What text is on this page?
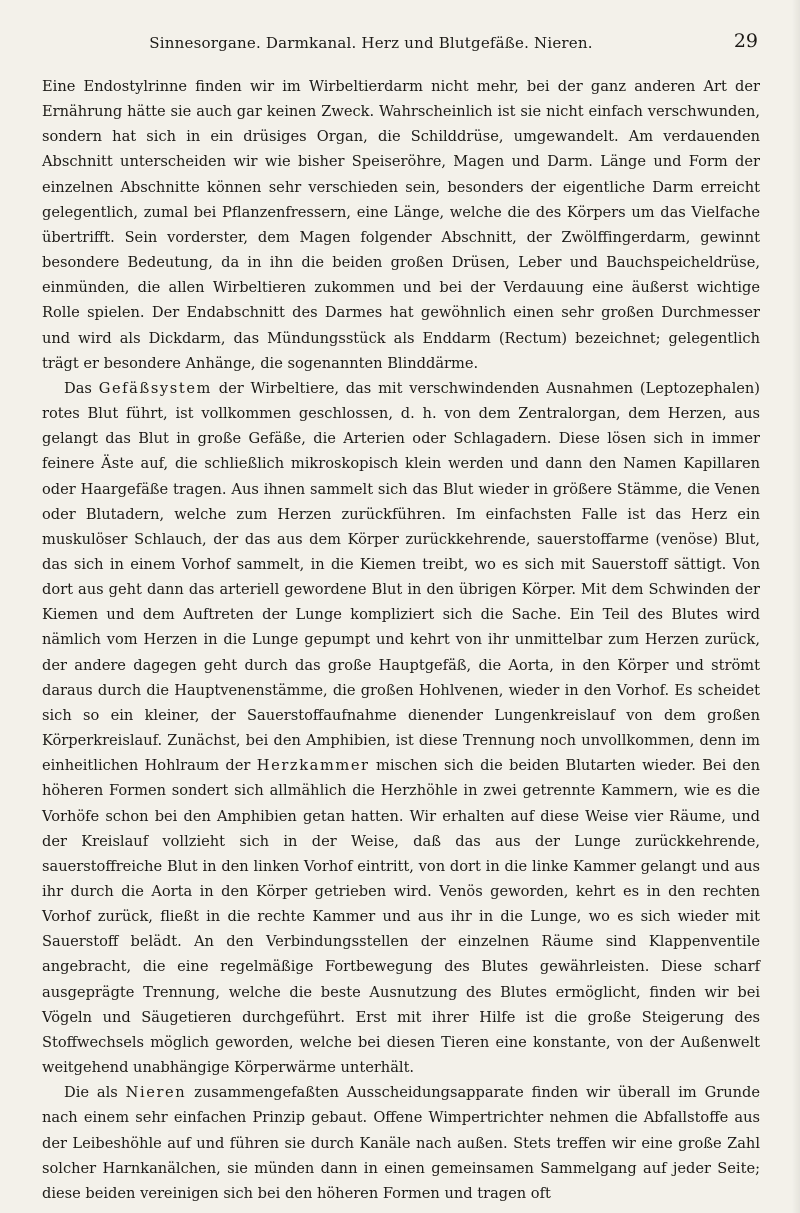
Sinnesorgane. Darmkanal. Herz und Blutgefäße. Nieren.	29

Eine Endostylrinne finden wir im Wirbeltierdarm nicht mehr, bei der ganz anderen Art der Ernährung hätte sie auch gar keinen Zweck. Wahrscheinlich ist sie nicht einfach verschwunden, sondern hat sich in ein drüsiges Organ, die Schilddrüse, umgewandelt. Am verdauenden Abschnitt unterscheiden wir wie bisher Speiseröhre, Magen und Darm. Länge und Form der einzelnen Abschnitte können sehr verschieden sein, besonders der eigentliche Darm erreicht gelegentlich, zumal bei Pflanzenfressern, eine Länge, welche die des Körpers um das Vielfache übertrifft. Sein vorderster, dem Magen folgender Abschnitt, der Zwölffingerdarm, gewinnt besondere Bedeutung, da in ihn die beiden großen Drüsen, Leber und Bauchspeicheldrüse, einmünden, die allen Wirbeltieren zukommen und bei der Verdauung eine äußerst wichtige Rolle spielen. Der Endabschnitt des Darmes hat gewöhnlich einen sehr großen Durchmesser und wird als Dickdarm, das Mündungsstück als Enddarm (Rectum) bezeichnet; gelegentlich trägt er besondere Anhänge, die sogenannten Blinddärme.

Das Gefäßsystem der Wirbeltiere, das mit verschwindenden Ausnahmen (Leptozephalen) rotes Blut führt, ist vollkommen geschlossen, d. h. von dem Zentralorgan, dem Herzen, aus gelangt das Blut in große Gefäße, die Arterien oder Schlagadern. Diese lösen sich in immer feinere Äste auf, die schließlich mikroskopisch klein werden und dann den Namen Kapillaren oder Haargefäße tragen. Aus ihnen sammelt sich das Blut wieder in größere Stämme, die Venen oder Blutadern, welche zum Herzen zurückführen. Im einfachsten Falle ist das Herz ein muskulöser Schlauch, der das aus dem Körper zurückkehrende, sauerstoffarme (venöse) Blut, das sich in einem Vorhof sammelt, in die Kiemen treibt, wo es sich mit Sauerstoff sättigt. Von dort aus geht dann das arteriell gewordene Blut in den übrigen Körper. Mit dem Schwinden der Kiemen und dem Auftreten der Lunge kompliziert sich die Sache. Ein Teil des Blutes wird nämlich vom Herzen in die Lunge gepumpt und kehrt von ihr unmittelbar zum Herzen zurück, der andere dagegen geht durch das große Hauptgefäß, die Aorta, in den Körper und strömt daraus durch die Hauptvenenstämme, die großen Hohlvenen, wieder in den Vorhof. Es scheidet sich so ein kleiner, der Sauerstoffaufnahme dienender Lungenkreislauf von dem großen Körperkreislauf. Zunächst, bei den Amphibien, ist diese Trennung noch unvollkommen, denn im einheitlichen Hohlraum der Herzkammer mischen sich die beiden Blutarten wieder. Bei den höheren Formen sondert sich allmählich die Herzhöhle in zwei getrennte Kammern, wie es die Vorhöfe schon bei den Amphibien getan hatten. Wir erhalten auf diese Weise vier Räume, und der Kreislauf vollzieht sich in der Weise, daß das aus der Lunge zurückkehrende, sauerstoffreiche Blut in den linken Vorhof eintritt, von dort in die linke Kammer gelangt und aus ihr durch die Aorta in den Körper getrieben wird. Venös geworden, kehrt es in den rechten Vorhof zurück, fließt in die rechte Kammer und aus ihr in die Lunge, wo es sich wieder mit Sauerstoff belädt. An den Verbindungsstellen der einzelnen Räume sind Klappenventile angebracht, die eine regelmäßige Fortbewegung des Blutes gewährleisten. Diese scharf ausgeprägte Trennung, welche die beste Ausnutzung des Blutes ermöglicht, finden wir bei Vögeln und Säugetieren durchgeführt. Erst mit ihrer Hilfe ist die große Steigerung des Stoffwechsels möglich geworden, welche bei diesen Tieren eine konstante, von der Außenwelt weitgehend unabhängige Körperwärme unterhält.

Die als Nieren zusammengefaßten Ausscheidungsapparate finden wir überall im Grunde nach einem sehr einfachen Prinzip gebaut. Offene Wimpertrichter nehmen die Abfallstoffe aus der Leibeshöhle auf und führen sie durch Kanäle nach außen. Stets treffen wir eine große Zahl solcher Harnkanälchen, sie münden dann in einen gemeinsamen Sammelgang auf jeder Seite; diese beiden vereinigen sich bei den höheren Formen und tragen oft
